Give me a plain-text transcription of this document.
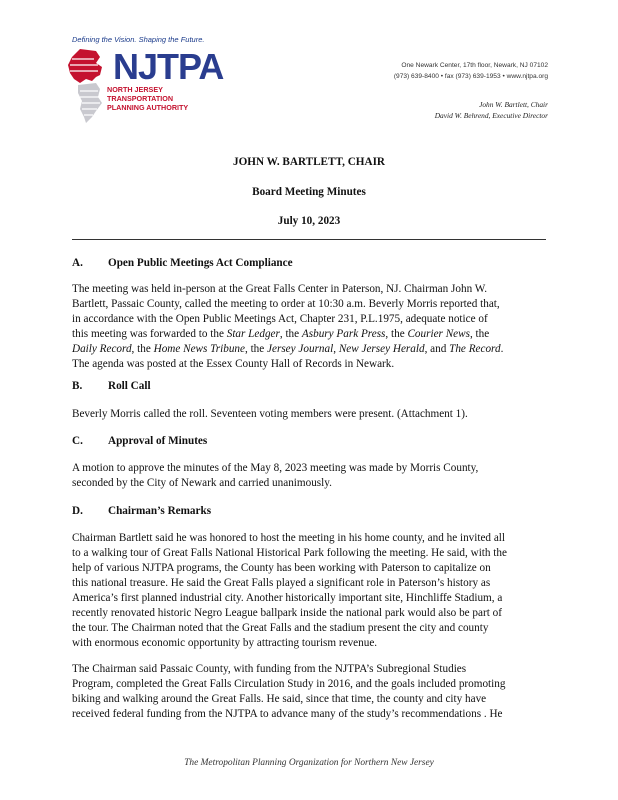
Defining the Vision. Shaping the Future.
NJTPA
NORTH JERSEY
TRANSPORTATION
PLANNING AUTHORITY
One Newark Center, 17th floor, Newark, NJ 07102
(973) 639-8400 • fax (973) 639-1953 • www.njtpa.org
John W. Bartlett, Chair
David W. Behrend, Executive Director
JOHN W. BARTLETT, CHAIR
Board Meeting Minutes
July 10, 2023
A. Open Public Meetings Act Compliance
The meeting was held in-person at the Great Falls Center in Paterson, NJ. Chairman John W.
Bartlett, Passaic County, called the meeting to order at 10:30 a.m. Beverly Morris reported that,
in accordance with the Open Public Meetings Act, Chapter 231, P.L.1975, adequate notice of
this meeting was forwarded to the Star Ledger, the Asbury Park Press, the Courier News, the
Daily Record, the Home News Tribune, the Jersey Journal, New Jersey Herald, and The Record.
The agenda was posted at the Essex County Hall of Records in Newark.
B. Roll Call
Beverly Morris called the roll. Seventeen voting members were present. (Attachment 1).
C. Approval of Minutes
A motion to approve the minutes of the May 8, 2023 meeting was made by Morris County,
seconded by the City of Newark and carried unanimously.
D. Chairman’s Remarks
Chairman Bartlett said he was honored to host the meeting in his home county, and he invited all
to a walking tour of Great Falls National Historical Park following the meeting. He said, with the
help of various NJTPA programs, the County has been working with Paterson to capitalize on
this national treasure. He said the Great Falls played a significant role in Paterson’s history as
America’s first planned industrial city. Another historically important site, Hinchliffe Stadium, a
recently renovated historic Negro League ballpark inside the national park would also be part of
the tour. The Chairman noted that the Great Falls and the stadium present the city and county
with enormous economic opportunity by attracting tourism revenue.
The Chairman said Passaic County, with funding from the NJTPA’s Subregional Studies
Program, completed the Great Falls Circulation Study in 2016, and the goals included promoting
biking and walking around the Great Falls. He said, since that time, the county and city have
received federal funding from the NJTPA to advance many of the study’s recommendations . He
The Metropolitan Planning Organization for Northern New Jersey
